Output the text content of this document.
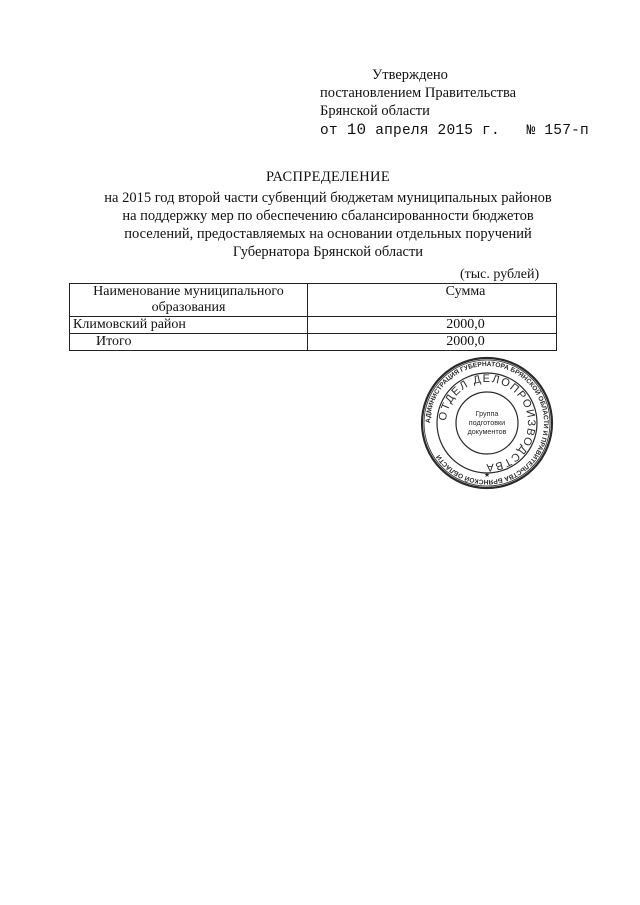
Утверждено
постановлением Правительства
Брянской области
от 10 апреля 2015 г. № 157-п
РАСПРЕДЕЛЕНИЕ
на 2015 год второй части субвенций бюджетам муниципальных районов
на поддержку мер по обеспечению сбалансированности бюджетов
поселений, предоставляемых на основании отдельных поручений
Губернатора Брянской области
(тыс. рублей)
Наименование муниципального образования	Сумма
Климовский район	2000,0
Итого	2000,0
АДМИНИСТРАЦИЯ ГУБЕРНАТОРА БРЯНСКОЙ ОБЛАСТИ И ПРАВИТЕЛЬСТВА БРЯНСКОЙ ОБЛАСТИ
ОТДЕЛ ДЕЛОПРОИЗВОДСТВА
Группа
подготовки
документов
★
